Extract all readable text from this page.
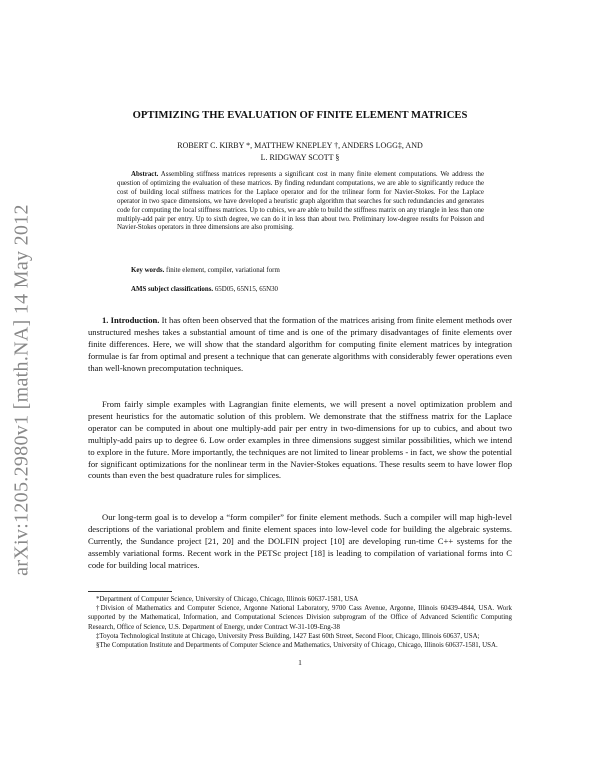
arXiv:1205.2980v1 [math.NA] 14 May 2012
OPTIMIZING THE EVALUATION OF FINITE ELEMENT MATRICES
ROBERT C. KIRBY *, MATTHEW KNEPLEY †, ANDERS LOGG‡, AND
L. RIDGWAY SCOTT §

Abstract. Assembling stiffness matrices represents a significant cost in many finite element computations. We address the question of optimizing the evaluation of these matrices. By finding redundant computations, we are able to significantly reduce the cost of building local stiffness matrices for the Laplace operator and for the trilinear form for Navier-Stokes. For the Laplace operator in two space dimensions, we have developed a heuristic graph algorithm that searches for such redundancies and generates code for computing the local stiffness matrices. Up to cubics, we are able to build the stiffness matrix on any triangle in less than one multiply-add pair per entry. Up to sixth degree, we can do it in less than about two. Preliminary low-degree results for Poisson and Navier-Stokes operators in three dimensions are also promising.

Key words. finite element, compiler, variational form
AMS subject classifications. 65D05, 65N15, 65N30

1. Introduction. It has often been observed that the formation of the matrices arising from finite element methods over unstructured meshes takes a substantial amount of time and is one of the primary disadvantages of finite elements over finite differences. Here, we will show that the standard algorithm for computing finite element matrices by integration formulae is far from optimal and present a technique that can generate algorithms with considerably fewer operations even than well-known precomputation techniques.

From fairly simple examples with Lagrangian finite elements, we will present a novel optimization problem and present heuristics for the automatic solution of this problem. We demonstrate that the stiffness matrix for the Laplace operator can be computed in about one multiply-add pair per entry in two-dimensions for up to cubics, and about two multiply-add pairs up to degree 6. Low order examples in three dimensions suggest similar possibilities, which we intend to explore in the future. More importantly, the techniques are not limited to linear problems - in fact, we show the potential for significant optimizations for the nonlinear term in the Navier-Stokes equations. These results seem to have lower flop counts than even the best quadrature rules for simplices.

Our long-term goal is to develop a “form compiler” for finite element methods. Such a compiler will map high-level descriptions of the variational problem and finite element spaces into low-level code for building the algebraic systems. Currently, the Sundance project [21, 20] and the DOLFIN project [10] are developing run-time C++ systems for the assembly variational forms. Recent work in the PETSc project [18] is leading to compilation of variational forms into C code for building local matrices.

*Department of Computer Science, University of Chicago, Chicago, Illinois 60637-1581, USA

†Division of Mathematics and Computer Science, Argonne National Laboratory, 9700 Cass Avenue, Argonne, Illinois 60439-4844, USA. Work supported by the Mathematical, Information, and Computational Sciences Division subprogram of the Office of Advanced Scientific Computing Research, Office of Science, U.S. Department of Energy, under Contract W-31-109-Eng-38

‡Toyota Technological Institute at Chicago, University Press Building, 1427 East 60th Street, Second Floor, Chicago, Illinois 60637, USA;

§The Computation Institute and Departments of Computer Science and Mathematics, University of Chicago, Chicago, Illinois 60637-1581, USA.

1
